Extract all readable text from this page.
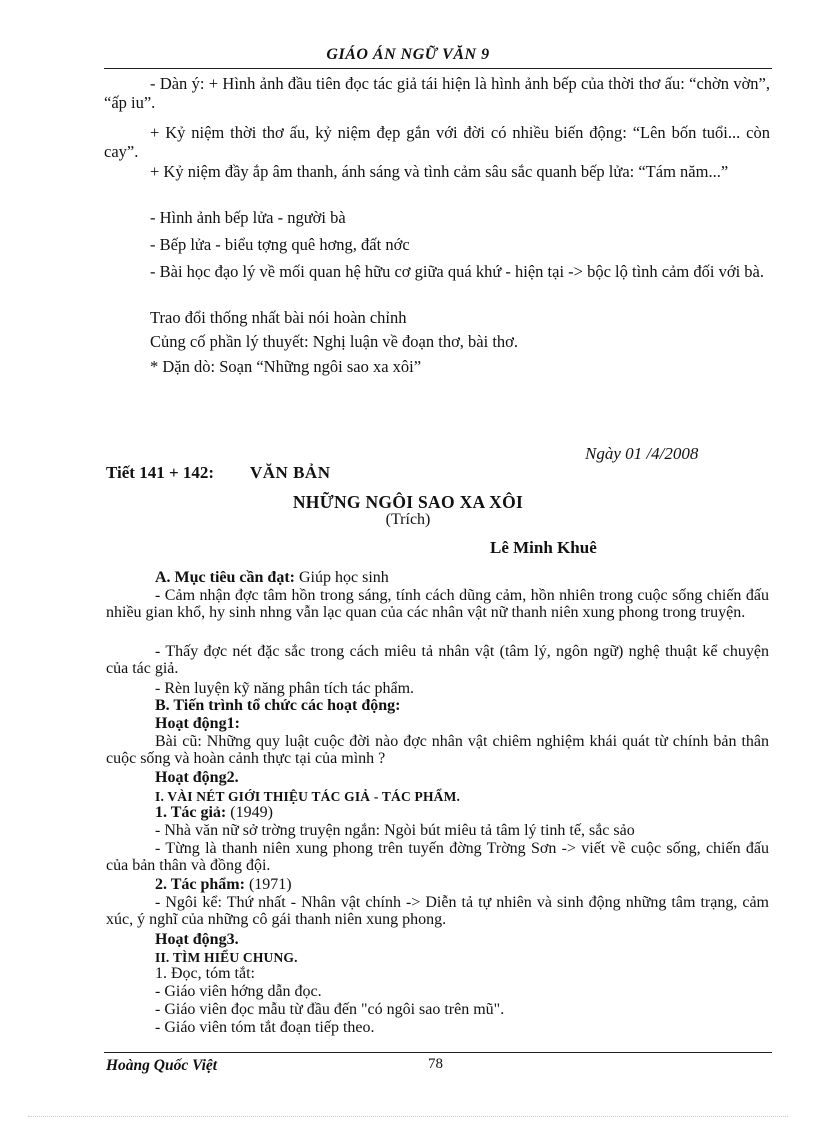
GIÁO ÁN NGỮ VĂN 9
- Dàn ý: + Hình ảnh đầu tiên đọc tác giả tái hiện là hình ảnh bếp của thời thơ ấu: “chờn vờn”, “ấp iu”.
+ Kỷ niệm thời thơ ấu, kỷ niệm đẹp gắn với đời có nhiều biến động: “Lên bốn tuổi... còn cay”.
+ Kỷ niệm đầy ắp âm thanh, ánh sáng và tình cảm sâu sắc quanh bếp lửa: “Tám năm...”
- Hình ảnh bếp lửa - người bà
- Bếp lửa - biểu tợng quê hơng, đất nớc
- Bài học đạo lý về mối quan hệ hữu cơ giữa quá khứ - hiện tại -> bộc lộ tình cảm đối với bà.
Trao đổi thống nhất bài nói hoàn chỉnh
Củng cố phần lý thuyết: Nghị luận về đoạn thơ, bài thơ.
* Dặn dò: Soạn “Những ngôi sao xa xôi”
Ngày 01 /4/2008
Tiết 141 + 142: VĂN BẢN
NHỮNG NGÔI SAO XA XÔI
(Trích)
Lê Minh Khuê
A. Mục tiêu cần đạt: Giúp học sinh
- Cảm nhận đợc tâm hồn trong sáng, tính cách dũng cảm, hồn nhiên trong cuộc sống chiến đấu nhiều gian khổ, hy sinh nhng vẫn lạc quan của các nhân vật nữ thanh niên xung phong trong truyện.
- Thấy đợc nét đặc sắc trong cách miêu tả nhân vật (tâm lý, ngôn ngữ) nghệ thuật kể chuyện của tác giả.
- Rèn luyện kỹ năng phân tích tác phẩm.
B. Tiến trình tổ chức các hoạt động:
Hoạt động1:
Bài cũ: Những quy luật cuộc đời nào đợc nhân vật chiêm nghiệm khái quát từ chính bản thân cuộc sống và hoàn cảnh thực tại của mình ?
Hoạt động2.
I. VÀI NÉT GIỚI THIỆU TÁC GIẢ - TÁC PHẨM.
1. Tác giả: (1949)
- Nhà văn nữ sở trờng truyện ngắn: Ngòi bút miêu tả tâm lý tinh tế, sắc sảo
- Từng là thanh niên xung phong trên tuyến đờng Trờng Sơn -> viết về cuộc sống, chiến đấu của bản thân và đồng đội.
2. Tác phẩm: (1971)
- Ngôi kể: Thứ nhất - Nhân vật chính -> Diễn tả tự nhiên và sinh động những tâm trạng, cảm xúc, ý nghĩ của những cô gái thanh niên xung phong.
Hoạt động3.
II. TÌM HIỂU CHUNG.
1. Đọc, tóm tắt:
- Giáo viên hớng dẫn đọc.
- Giáo viên đọc mẫu từ đầu đến "có ngôi sao trên mũ".
- Giáo viên tóm tắt đoạn tiếp theo.
Hoàng Quốc Việt	78
